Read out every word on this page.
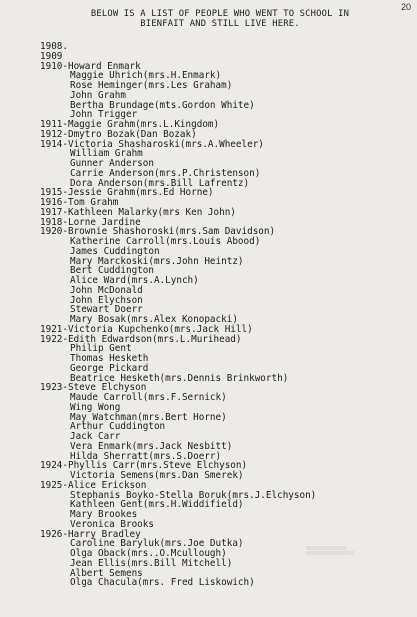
20
BELOW IS A LIST OF PEOPLE WHO WENT TO SCHOOL IN
BIENFAIT AND STILL LIVE HERE.
1908.
1909
1910-Howard Enmark
Maggie Uhrich(mrs.H.Enmark)
Rose Heminger(mrs.Les Graham)
John Grahm
Bertha Brundage(mts.Gordon White)
John Trigger
1911-Maggie Grahm(mrs.L.Kingdom)
1912-Dmytro Bozak(Dan Bozak)
1914-Victoria Shasharoski(mrs.A.Wheeler)
William Grahm
Gunner Anderson
Carrie Anderson(mrs.P.Christenson)
Dora Anderson(mrs.Bill Lafrentz)
1915-Jessie Grahm(mrs.Ed Horne)
1916-Tom Grahm
1917-Kathleen Malarky(mrs Ken John)
1918-Lorne Jardine
1920-Brownie Shashoroski(mrs.Sam Davidson)
Katherine Carroll(mrs.Louis Abood)
James Cuddington
Mary Marckoski(mrs.John Heintz)
Bert Cuddington
Alice Ward(mrs.A.Lynch)
John McDonald
John Elychson
Stewart Doerr
Mary Bosak(mrs.Alex Konopacki)
1921-Victoria Kupchenko(mrs.Jack Hill)
1922-Edith Edwardson(mrs.L.Murihead)
Philip Gent
Thomas Hesketh
George Pickard
Beatrice Hesketh(mrs.Dennis Brinkworth)
1923-Steve Elchyson
Maude Carroll(mrs.F.Sernick)
Wing Wong
May Watchman(mrs.Bert Horne)
Arthur Cuddington
Jack Carr
Vera Enmark(mrs.Jack Nesbitt)
Hilda Sherratt(mrs.S.Doerr)
1924-Phyllis Carr(mrs.Steve Elchyson)
Victoria Semens(mrs.Dan Smerek)
1925-Alice Erickson
Stephanis Boyko-Stella Boruk(mrs.J.Elchyson)
Kathleen Gent(mrs.H.Widdifield)
Mary Brookes
Veronica Brooks
1926-Harry Bradley
Caroline Baryluk(mrs.Joe Dutka)
Olga Oback(mrs..O.Mcullough)
Jean Ellis(mrs.Bill Mitchell)
Albert Semens
Olga Chacula(mrs. Fred Liskowich)
▒▒▒▒▒▒▒▒▒▒▒▒▒▒▒▒
▒▒▒▒▒▒▒▒▒▒▒▒▒▒▒▒▒▒▒
